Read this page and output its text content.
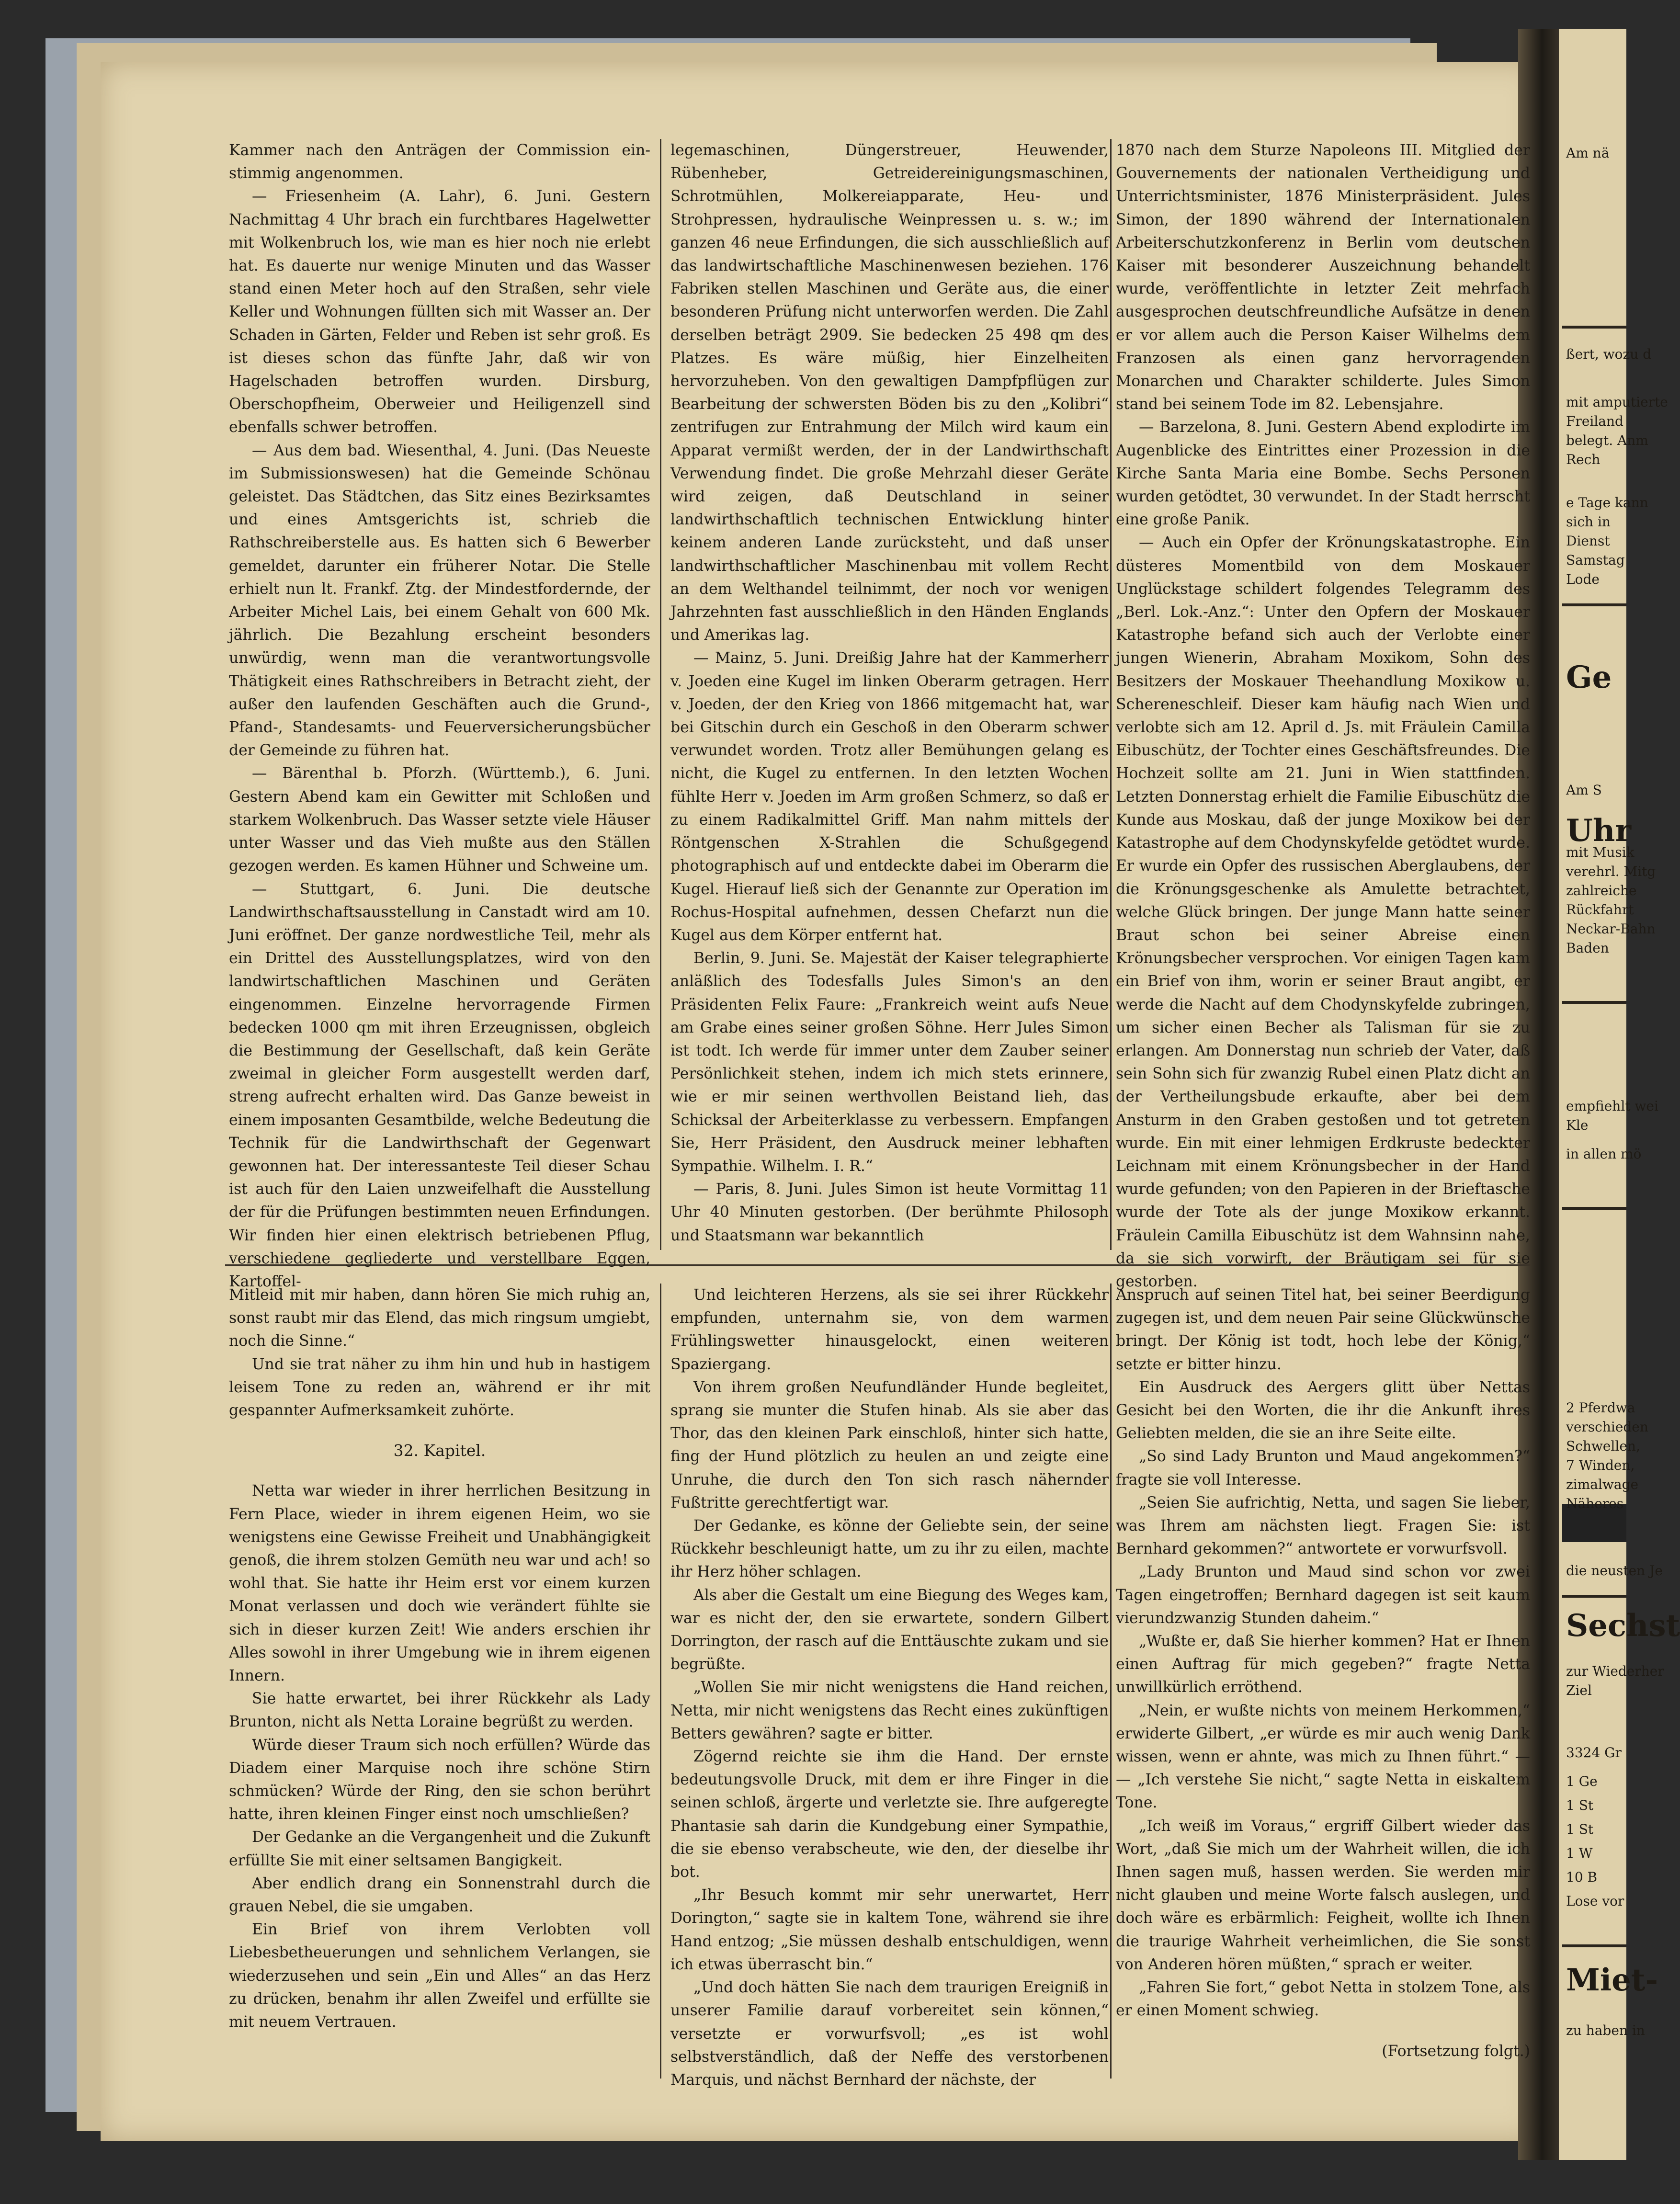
Kammer nach den Anträgen der Commission ein-stimmig angenommen.

— Friesenheim (A. Lahr), 6. Juni. Gestern Nachmittag 4 Uhr brach ein furchtbares Hagelwetter mit Wolkenbruch los, wie man es hier noch nie erlebt hat. Es dauerte nur wenige Minuten und das Wasser stand einen Meter hoch auf den Straßen, sehr viele Keller und Wohnungen füllten sich mit Wasser an. Der Schaden in Gärten, Felder und Reben ist sehr groß. Es ist dieses schon das fünfte Jahr, daß wir von Hagelschaden betroffen wurden. Dirsburg, Oberschopfheim, Oberweier und Heiligenzell sind ebenfalls schwer betroffen.

— Aus dem bad. Wiesenthal, 4. Juni. (Das Neueste im Submissionswesen) hat die Gemeinde Schönau geleistet. Das Städtchen, das Sitz eines Bezirksamtes und eines Amtsgerichts ist, schrieb die Rathschreiberstelle aus. Es hatten sich 6 Bewerber gemeldet, darunter ein früherer Notar. Die Stelle erhielt nun lt. Frankf. Ztg. der Mindestfordernde, der Arbeiter Michel Lais, bei einem Gehalt von 600 Mk. jährlich. Die Bezahlung erscheint besonders unwürdig, wenn man die verantwortungsvolle Thätigkeit eines Rathschreibers in Betracht zieht, der außer den laufenden Geschäften auch die Grund-, Pfand-, Standesamts- und Feuerversicherungsbücher der Gemeinde zu führen hat.

— Bärenthal b. Pforzh. (Württemb.), 6. Juni. Gestern Abend kam ein Gewitter mit Schloßen und starkem Wolkenbruch. Das Wasser setzte viele Häuser unter Wasser und das Vieh mußte aus den Ställen gezogen werden. Es kamen Hühner und Schweine um.

— Stuttgart, 6. Juni. Die deutsche Landwirthschaftsausstellung in Canstadt wird am 10. Juni eröffnet. Der ganze nordwestliche Teil, mehr als ein Drittel des Ausstellungsplatzes, wird von den landwirtschaftlichen Maschinen und Geräten eingenommen. Einzelne hervorragende Firmen bedecken 1000 qm mit ihren Erzeugnissen, obgleich die Bestimmung der Gesellschaft, daß kein Geräte zweimal in gleicher Form ausgestellt werden darf, streng aufrecht erhalten wird. Das Ganze beweist in einem imposanten Gesamtbilde, welche Bedeutung die Technik für die Landwirthschaft der Gegenwart gewonnen hat. Der interessanteste Teil dieser Schau ist auch für den Laien unzweifelhaft die Ausstellung der für die Prüfungen bestimmten neuen Erfindungen. Wir finden hier einen elektrisch betriebenen Pflug, verschiedene gegliederte und verstellbare Eggen, Kartoffel-

legemaschinen, Düngerstreuer, Heuwender, Rübenheber, Getreidereinigungsmaschinen, Schrotmühlen, Molkereiapparate, Heu- und Strohpressen, hydraulische Weinpressen u. s. w.; im ganzen 46 neue Erfindungen, die sich ausschließlich auf das landwirtschaftliche Maschinenwesen beziehen. 176 Fabriken stellen Maschinen und Geräte aus, die einer besonderen Prüfung nicht unterworfen werden. Die Zahl derselben beträgt 2909. Sie bedecken 25 498 qm des Platzes. Es wäre müßig, hier Einzelheiten hervorzuheben. Von den gewaltigen Dampfpflügen zur Bearbeitung der schwersten Böden bis zu den „Kolibri“ zentrifugen zur Entrahmung der Milch wird kaum ein Apparat vermißt werden, der in der Landwirthschaft Verwendung findet. Die große Mehrzahl dieser Geräte wird zeigen, daß Deutschland in seiner landwirthschaftlich technischen Entwicklung hinter keinem anderen Lande zurücksteht, und daß unser landwirthschaftlicher Maschinenbau mit vollem Recht an dem Welthandel teilnimmt, der noch vor wenigen Jahrzehnten fast ausschließlich in den Händen Englands und Amerikas lag.

— Mainz, 5. Juni. Dreißig Jahre hat der Kammerherr v. Joeden eine Kugel im linken Oberarm getragen. Herr v. Joeden, der den Krieg von 1866 mitgemacht hat, war bei Gitschin durch ein Geschoß in den Oberarm schwer verwundet worden. Trotz aller Bemühungen gelang es nicht, die Kugel zu entfernen. In den letzten Wochen fühlte Herr v. Joeden im Arm großen Schmerz, so daß er zu einem Radikalmittel Griff. Man nahm mittels der Röntgenschen X-Strahlen die Schußgegend photographisch auf und entdeckte dabei im Oberarm die Kugel. Hierauf ließ sich der Genannte zur Operation im Rochus-Hospital aufnehmen, dessen Chefarzt nun die Kugel aus dem Körper entfernt hat.

Berlin, 9. Juni. Se. Majestät der Kaiser telegraphierte anläßlich des Todesfalls Jules Simon's an den Präsidenten Felix Faure: „Frankreich weint aufs Neue am Grabe eines seiner großen Söhne. Herr Jules Simon ist todt. Ich werde für immer unter dem Zauber seiner Persönlichkeit stehen, indem ich mich stets erinnere, wie er mir seinen werthvollen Beistand lieh, das Schicksal der Arbeiterklasse zu verbessern. Empfangen Sie, Herr Präsident, den Ausdruck meiner lebhaften Sympathie. Wilhelm. I. R.“

— Paris, 8. Juni. Jules Simon ist heute Vormittag 11 Uhr 40 Minuten gestorben. (Der berühmte Philosoph und Staatsmann war bekanntlich

1870 nach dem Sturze Napoleons III. Mitglied der Gouvernements der nationalen Vertheidigung und Unterrichtsminister, 1876 Ministerpräsident. Jules Simon, der 1890 während der Internationalen Arbeiterschutzkonferenz in Berlin vom deutschen Kaiser mit besonderer Auszeichnung behandelt wurde, veröffentlichte in letzter Zeit mehrfach ausgesprochen deutschfreundliche Aufsätze in denen er vor allem auch die Person Kaiser Wilhelms dem Franzosen als einen ganz hervorragenden Monarchen und Charakter schilderte. Jules Simon stand bei seinem Tode im 82. Lebensjahre.

— Barzelona, 8. Juni. Gestern Abend explodirte im Augenblicke des Eintrittes einer Prozession in die Kirche Santa Maria eine Bombe. Sechs Personen wurden getödtet, 30 verwundet. In der Stadt herrscht eine große Panik.

— Auch ein Opfer der Krönungskatastrophe. Ein düsteres Momentbild von dem Moskauer Unglückstage schildert folgendes Telegramm des „Berl. Lok.-Anz.“: Unter den Opfern der Moskauer Katastrophe befand sich auch der Verlobte einer jungen Wienerin, Abraham Moxikom, Sohn des Besitzers der Moskauer Theehandlung Moxikow u. Schereneschleif. Dieser kam häufig nach Wien und verlobte sich am 12. April d. Js. mit Fräulein Camilla Eibuschütz, der Tochter eines Geschäftsfreundes. Die Hochzeit sollte am 21. Juni in Wien stattfinden. Letzten Donnerstag erhielt die Familie Eibuschütz die Kunde aus Moskau, daß der junge Moxikow bei der Katastrophe auf dem Chodynskyfelde getödtet wurde. Er wurde ein Opfer des russischen Aberglaubens, der die Krönungsgeschenke als Amulette betrachtet, welche Glück bringen. Der junge Mann hatte seiner Braut schon bei seiner Abreise einen Krönungsbecher versprochen. Vor einigen Tagen kam ein Brief von ihm, worin er seiner Braut angibt, er werde die Nacht auf dem Chodynskyfelde zubringen, um sicher einen Becher als Talisman für sie zu erlangen. Am Donnerstag nun schrieb der Vater, daß sein Sohn sich für zwanzig Rubel einen Platz dicht an der Vertheilungsbude erkaufte, aber bei dem Ansturm in den Graben gestoßen und tot getreten wurde. Ein mit einer lehmigen Erdkruste bedeckter Leichnam mit einem Krönungsbecher in der Hand wurde gefunden; von den Papieren in der Brieftasche wurde der Tote als der junge Moxikow erkannt. Fräulein Camilla Eibuschütz ist dem Wahnsinn nahe, da sie sich vorwirft, der Bräutigam sei für sie gestorben.

Mitleid mit mir haben, dann hören Sie mich ruhig an, sonst raubt mir das Elend, das mich ringsum umgiebt, noch die Sinne.“

Und sie trat näher zu ihm hin und hub in hastigem leisem Tone zu reden an, während er ihr mit gespannter Aufmerksamkeit zuhörte.

32. Kapitel.

Netta war wieder in ihrer herrlichen Besitzung in Fern Place, wieder in ihrem eigenen Heim, wo sie wenigstens eine Gewisse Freiheit und Unabhängigkeit genoß, die ihrem stolzen Gemüth neu war und ach! so wohl that. Sie hatte ihr Heim erst vor einem kurzen Monat verlassen und doch wie verändert fühlte sie sich in dieser kurzen Zeit! Wie anders erschien ihr Alles sowohl in ihrer Umgebung wie in ihrem eigenen Innern.

Sie hatte erwartet, bei ihrer Rückkehr als Lady Brunton, nicht als Netta Loraine begrüßt zu werden.

Würde dieser Traum sich noch erfüllen? Würde das Diadem einer Marquise noch ihre schöne Stirn schmücken? Würde der Ring, den sie schon berührt hatte, ihren kleinen Finger einst noch umschließen?

Der Gedanke an die Vergangenheit und die Zukunft erfüllte Sie mit einer seltsamen Bangigkeit.

Aber endlich drang ein Sonnenstrahl durch die grauen Nebel, die sie umgaben.

Ein Brief von ihrem Verlobten voll Liebesbetheuerungen und sehnlichem Verlangen, sie wiederzusehen und sein „Ein und Alles“ an das Herz zu drücken, benahm ihr allen Zweifel und erfüllte sie mit neuem Vertrauen.

Und leichteren Herzens, als sie sei ihrer Rückkehr empfunden, unternahm sie, von dem warmen Frühlingswetter hinausgelockt, einen weiteren Spaziergang.

Von ihrem großen Neufundländer Hunde begleitet, sprang sie munter die Stufen hinab. Als sie aber das Thor, das den kleinen Park einschloß, hinter sich hatte, fing der Hund plötzlich zu heulen an und zeigte eine Unruhe, die durch den Ton sich rasch nähernder Fußtritte gerechtfertigt war.

Der Gedanke, es könne der Geliebte sein, der seine Rückkehr beschleunigt hatte, um zu ihr zu eilen, machte ihr Herz höher schlagen.

Als aber die Gestalt um eine Biegung des Weges kam, war es nicht der, den sie erwartete, sondern Gilbert Dorrington, der rasch auf die Enttäuschte zukam und sie begrüßte.

„Wollen Sie mir nicht wenigstens die Hand reichen, Netta, mir nicht wenigstens das Recht eines zukünftigen Betters gewähren? sagte er bitter.

Zögernd reichte sie ihm die Hand. Der ernste bedeutungsvolle Druck, mit dem er ihre Finger in die seinen schloß, ärgerte und verletzte sie. Ihre aufgeregte Phantasie sah darin die Kundgebung einer Sympathie, die sie ebenso verabscheute, wie den, der dieselbe ihr bot.

„Ihr Besuch kommt mir sehr unerwartet, Herr Dorington,“ sagte sie in kaltem Tone, während sie ihre Hand entzog; „Sie müssen deshalb entschuldigen, wenn ich etwas überrascht bin.“

„Und doch hätten Sie nach dem traurigen Ereigniß in unserer Familie darauf vorbereitet sein können,“ versetzte er vorwurfsvoll; „es ist wohl selbstverständlich, daß der Neffe des verstorbenen Marquis, und nächst Bernhard der nächste, der

Anspruch auf seinen Titel hat, bei seiner Beerdigung zugegen ist, und dem neuen Pair seine Glückwünsche bringt. Der König ist todt, hoch lebe der König,“ setzte er bitter hinzu.

Ein Ausdruck des Aergers glitt über Nettas Gesicht bei den Worten, die ihr die Ankunft ihres Geliebten melden, die sie an ihre Seite eilte.

„So sind Lady Brunton und Maud angekommen?“ fragte sie voll Interesse.

„Seien Sie aufrichtig, Netta, und sagen Sie lieber, was Ihrem am nächsten liegt. Fragen Sie: ist Bernhard gekommen?“ antwortete er vorwurfsvoll.

„Lady Brunton und Maud sind schon vor zwei Tagen eingetroffen; Bernhard dagegen ist seit kaum vierundzwanzig Stunden daheim.“

„Wußte er, daß Sie hierher kommen? Hat er Ihnen einen Auftrag für mich gegeben?“ fragte Netta unwillkürlich erröthend.

„Nein, er wußte nichts von meinem Herkommen,“ erwiderte Gilbert, „er würde es mir auch wenig Dank wissen, wenn er ahnte, was mich zu Ihnen führt.“ — — „Ich verstehe Sie nicht,“ sagte Netta in eiskaltem Tone.

„Ich weiß im Voraus,“ ergriff Gilbert wieder das Wort, „daß Sie mich um der Wahrheit willen, die ich Ihnen sagen muß, hassen werden. Sie werden mir nicht glauben und meine Worte falsch auslegen, und doch wäre es erbärmlich: Feigheit, wollte ich Ihnen die traurige Wahrheit verheimlichen, die Sie sonst von Anderen hören müßten,“ sprach er weiter.

„Fahren Sie fort,“ gebot Netta in stolzem Tone, als er einen Moment schwieg.

(Fortsetzung folgt.)

Am nä
ßert, wozu d
mit amputierte
Freiland
belegt. Anm
Rech
e Tage kann
sich in
Dienst
Samstag
Lode
Ge
Am S
Uhr
mit Musik
verehrl. Mitg
zahlreiche
Rückfahrt
Neckar-Bahn
Baden
empfiehlt wei
Kle
in allen mö
2 Pferdwa
verschieden
Schwellen,
7 Winden,
zimalwage
Näheres
die neusten Je
Sechst
zur Wiederher
Ziel
3324 Gr
1 Ge
1 St
1 St
1 W
10 B
Lose vor
Miet-
zu haben in
